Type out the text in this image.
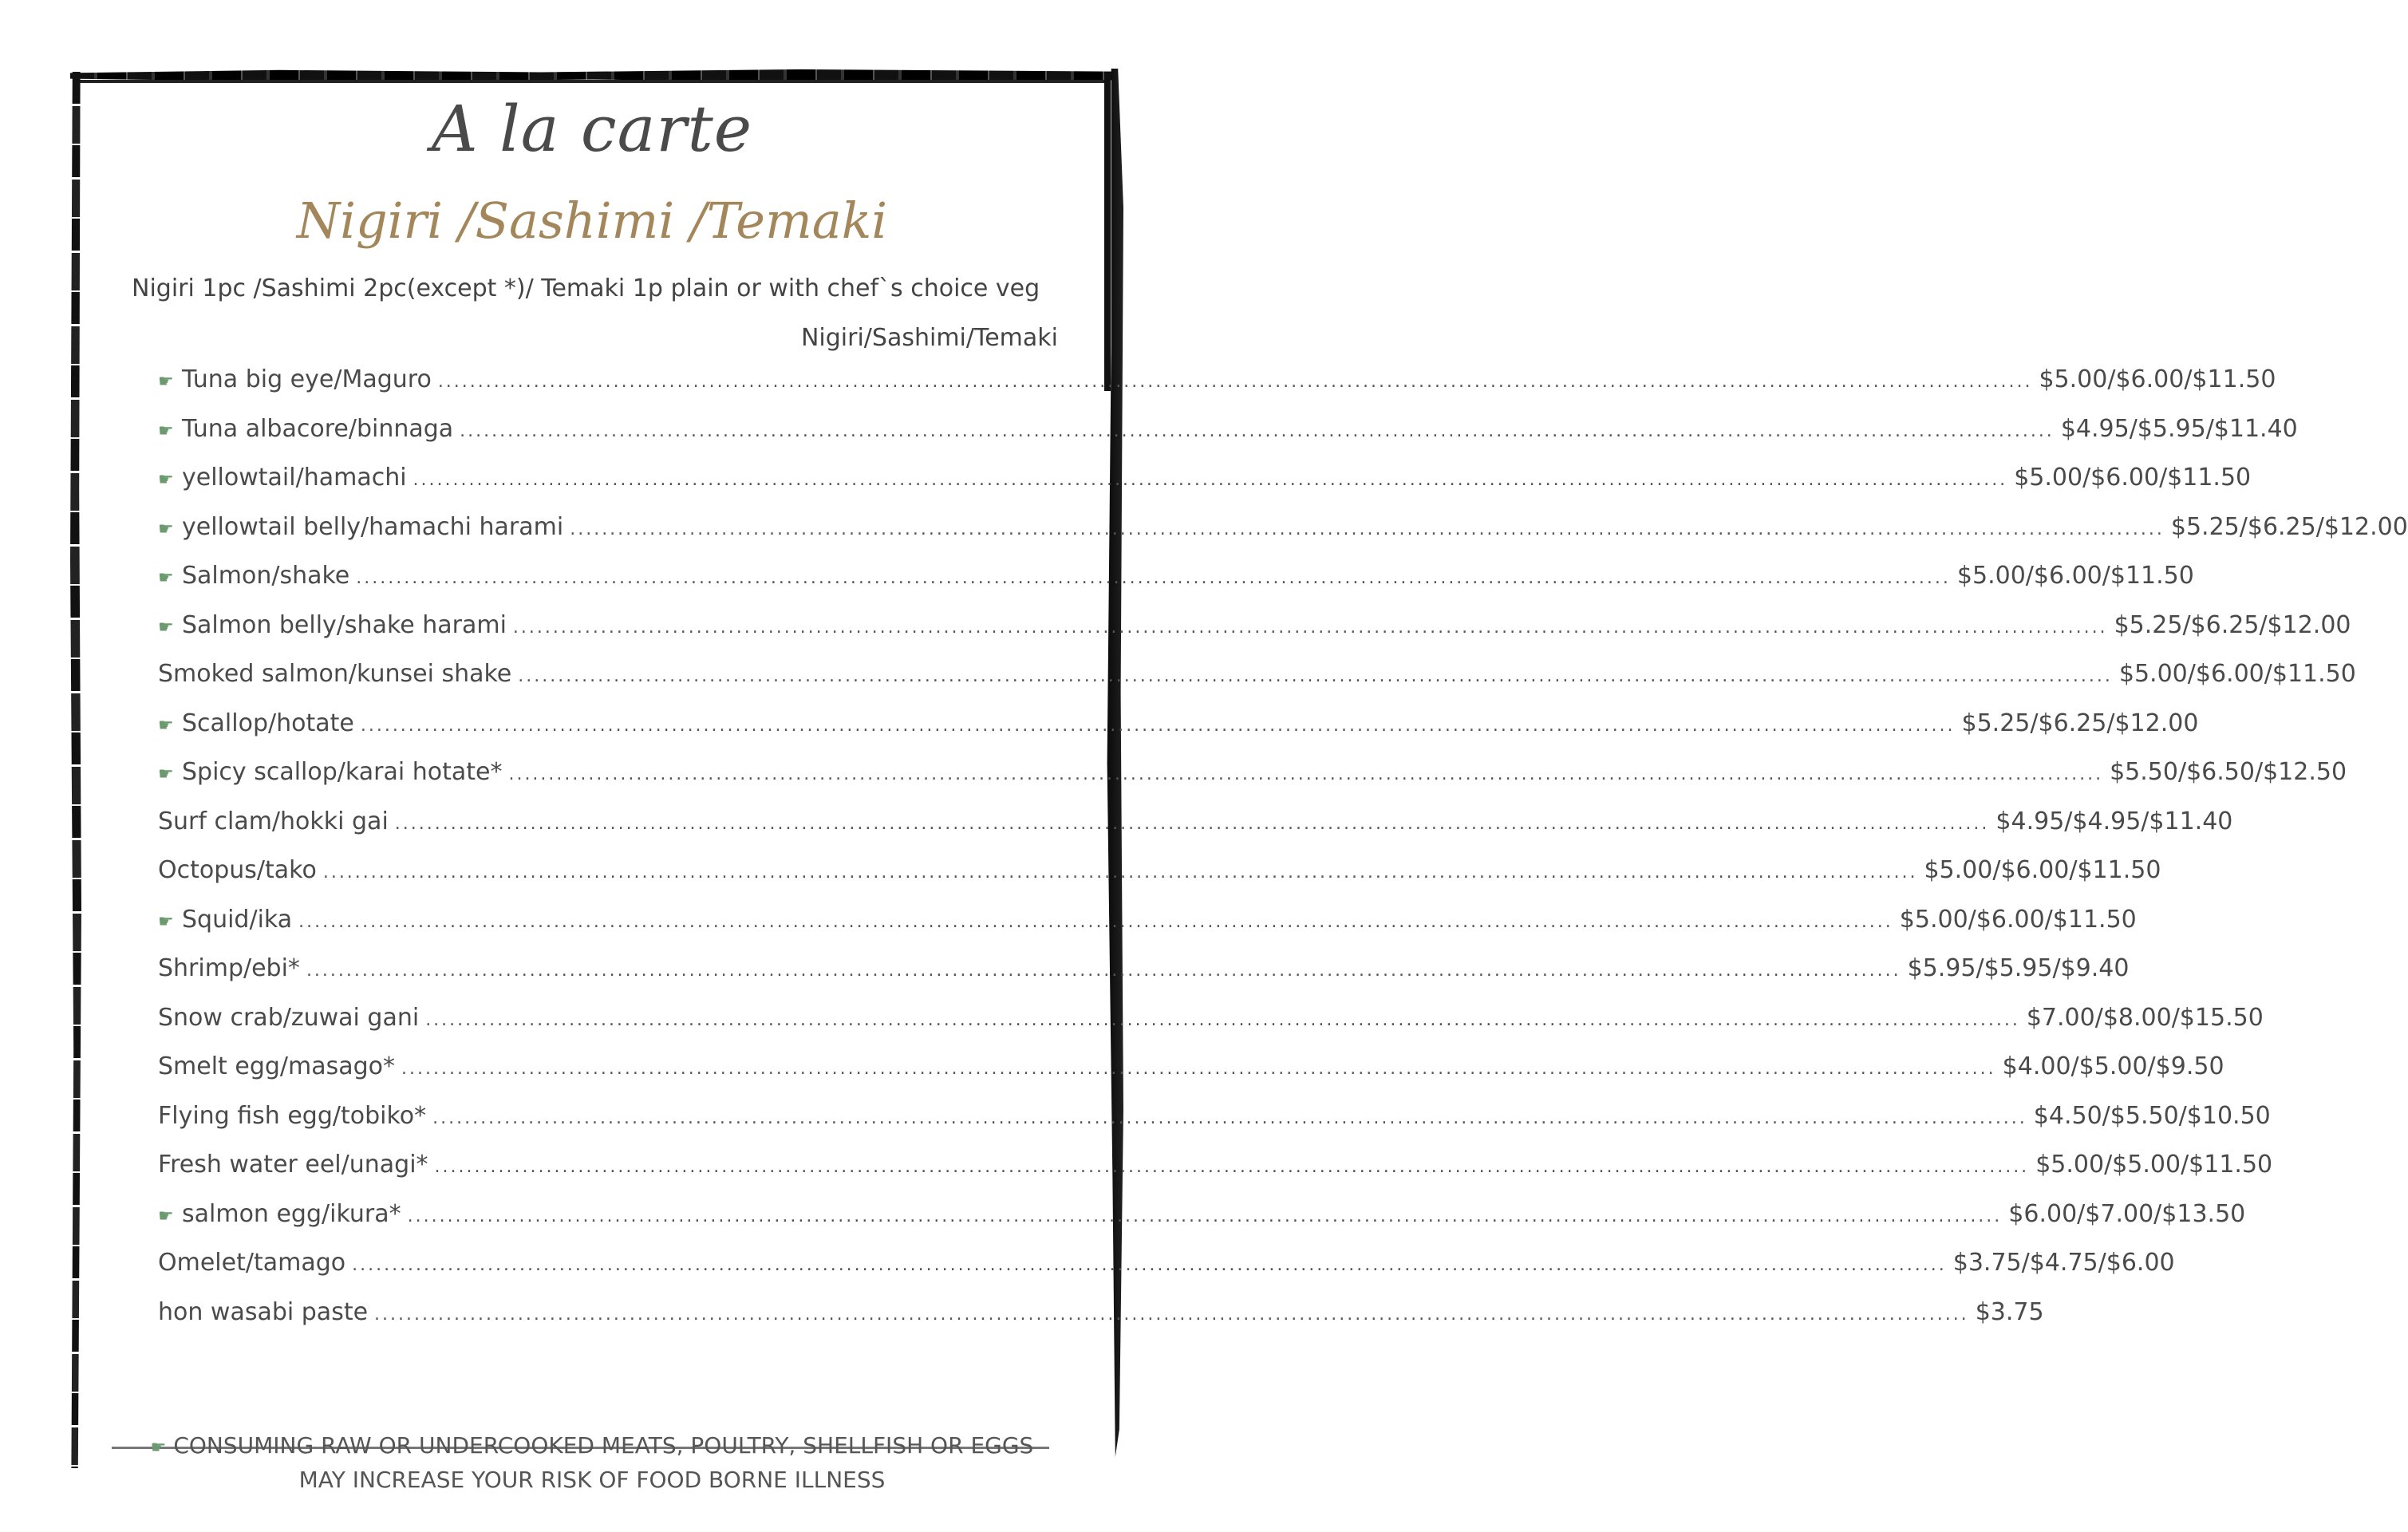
A la carte
Nigiri /Sashimi /Temaki
Nigiri 1pc /Sashimi 2pc(except *)/ Temaki 1p plain or with chef`s choice veg
Nigiri/Sashimi/Temaki
☛ Tuna big eye/Maguro ........................................................................................................................................................................................................ $5.00/$6.00/$11.50
☛ Tuna albacore/binnaga ........................................................................................................................................................................................................ $4.95/$5.95/$11.40
☛ yellowtail/hamachi ........................................................................................................................................................................................................ $5.00/$6.00/$11.50
☛ yellowtail belly/hamachi harami ........................................................................................................................................................................................................ $5.25/$6.25/$12.00
☛ Salmon/shake ........................................................................................................................................................................................................ $5.00/$6.00/$11.50
☛ Salmon belly/shake harami ........................................................................................................................................................................................................ $5.25/$6.25/$12.00
Smoked salmon/kunsei shake ........................................................................................................................................................................................................ $5.00/$6.00/$11.50
☛ Scallop/hotate ........................................................................................................................................................................................................ $5.25/$6.25/$12.00
☛ Spicy scallop/karai hotate* ........................................................................................................................................................................................................ $5.50/$6.50/$12.50
Surf clam/hokki gai ........................................................................................................................................................................................................ $4.95/$4.95/$11.40
Octopus/tako ........................................................................................................................................................................................................ $5.00/$6.00/$11.50
☛ Squid/ika ........................................................................................................................................................................................................ $5.00/$6.00/$11.50
Shrimp/ebi* ........................................................................................................................................................................................................ $5.95/$5.95/$9.40
Snow crab/zuwai gani ........................................................................................................................................................................................................ $7.00/$8.00/$15.50
Smelt egg/masago* ........................................................................................................................................................................................................ $4.00/$5.00/$9.50
Flying fish egg/tobiko* ........................................................................................................................................................................................................ $4.50/$5.50/$10.50
Fresh water eel/unagi* ........................................................................................................................................................................................................ $5.00/$5.00/$11.50
☛ salmon egg/ikura* ........................................................................................................................................................................................................ $6.00/$7.00/$13.50
Omelet/tamago ........................................................................................................................................................................................................ $3.75/$4.75/$6.00
hon wasabi paste ........................................................................................................................................................................................................ $3.75
☛ CONSUMING RAW OR UNDERCOOKED MEATS, POULTRY, SHELLFISH OR EGGS
MAY INCREASE YOUR RISK OF FOOD BORNE ILLNESS
